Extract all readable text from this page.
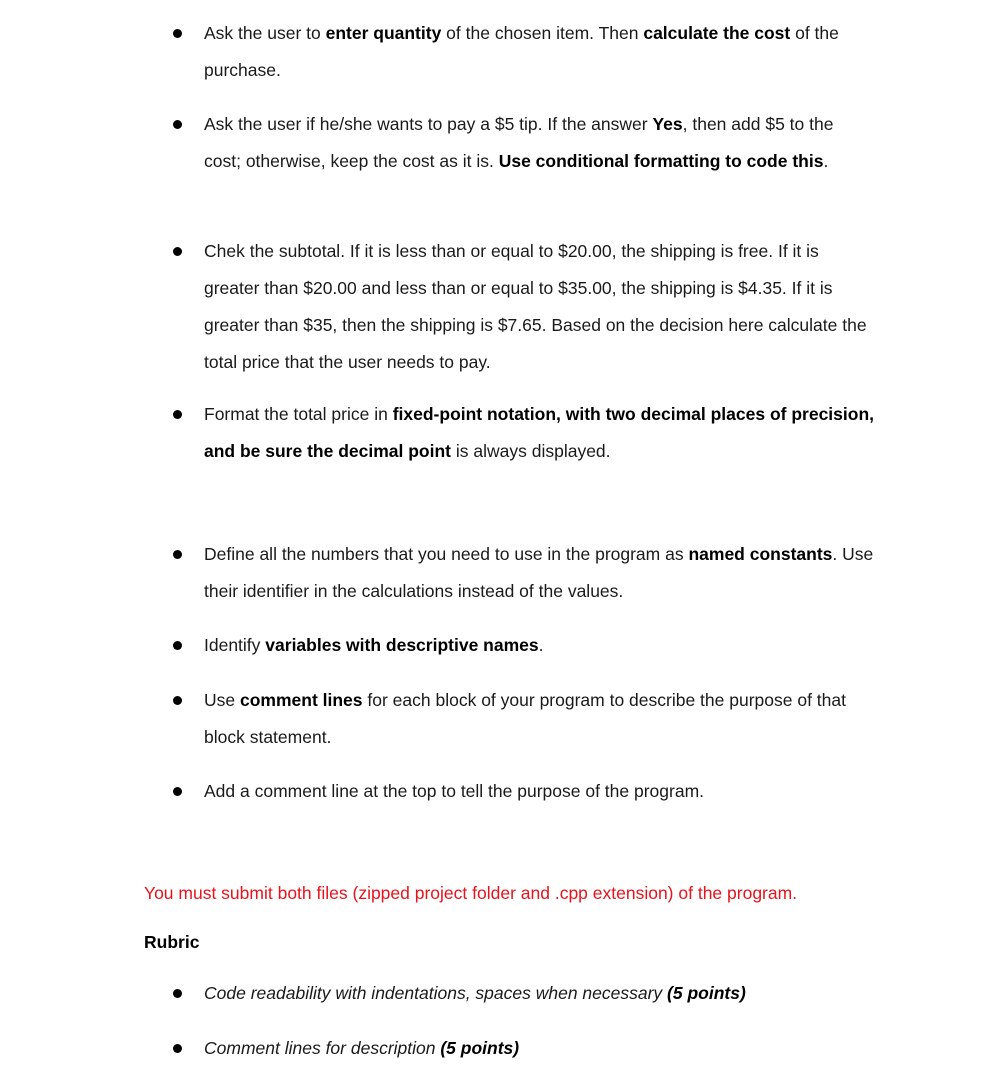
Ask the user to enter quantity of the chosen item. Then calculate the cost of the purchase.
Ask the user if he/she wants to pay a $5 tip. If the answer Yes, then add $5 to the cost; otherwise, keep the cost as it is. Use conditional formatting to code this.
Chek the subtotal. If it is less than or equal to $20.00, the shipping is free. If it is greater than $20.00 and less than or equal to $35.00, the shipping is $4.35. If it is greater than $35, then the shipping is $7.65. Based on the decision here calculate the total price that the user needs to pay.
Format the total price in fixed-point notation, with two decimal places of precision, and be sure the decimal point is always displayed.
Define all the numbers that you need to use in the program as named constants. Use their identifier in the calculations instead of the values.
Identify variables with descriptive names.
Use comment lines for each block of your program to describe the purpose of that block statement.
Add a comment line at the top to tell the purpose of the program.
You must submit both files (zipped project folder and .cpp extension) of the program.
Rubric
Code readability with indentations, spaces when necessary (5 points)
Comment lines for description (5 points)
